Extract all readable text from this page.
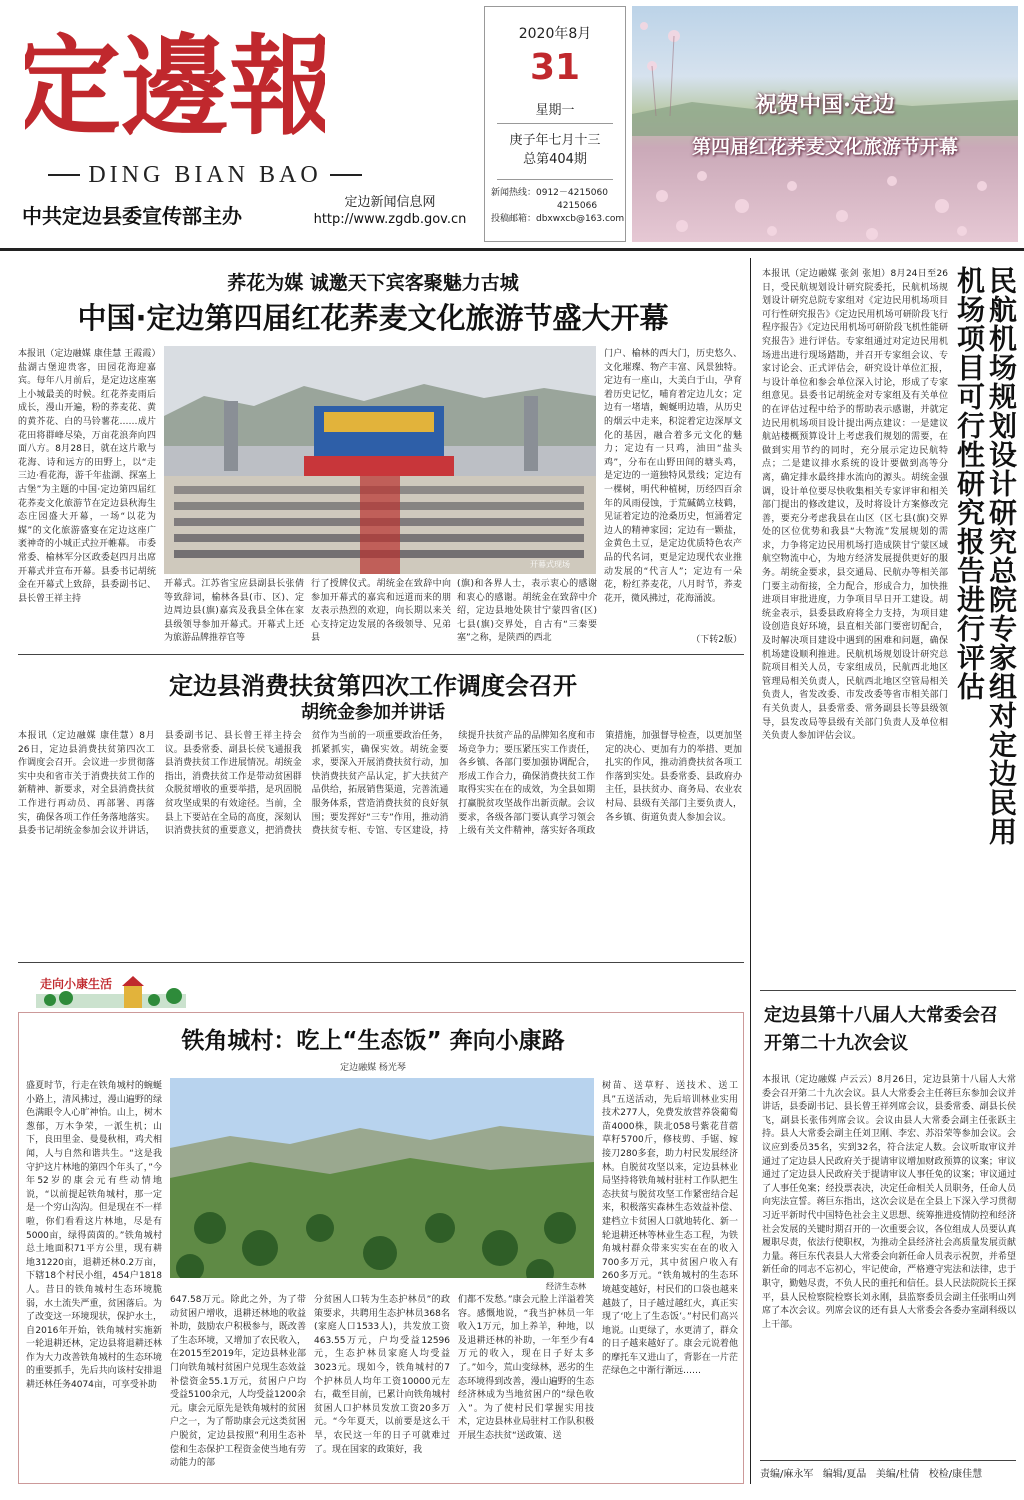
定邊報
DING BIAN BAO
中共定边县委宣传部主办
定边新闻信息网
http://www.zgdb.gov.cn
2020年8月
31
星期一
庚子年七月十三
总第404期
新闻热线：0912－4215060
4215066
投稿邮箱：dbxwxcb@163.com
祝贺中国·定边
第四届红花荞麦文化旅游节开幕
荞花为媒 诚邀天下宾客聚魅力古城
中国·定边第四届红花荞麦文化旅游节盛大开幕
本报讯（定边融媒 康佳慧 王霞霞）盐湖古堡迎贵客，田园花海迎嘉宾。每年八月前后，是定边这座塞上小城最美的时候。红花荞麦雨后成长，漫山开遍，粉的荞麦花、黄的黄芥花、白的马铃薯花……成片花田将群峰尽染，万亩花浪奔向四面八方。8月28日，就在这片歌与花海、诗和远方的田野上，以“走三边·看花海，游千年盐湖、探塞上古堡”为主题的中国·定边第四届红花荞麦文化旅游节在定边县秋海生态庄园盛大开幕，一场“以花为媒”的文化旅游盛宴在定边这座广袤神奇的小城正式拉开帷幕。 市委常委、榆林军分区政委赵四月出席开幕式并宣布开幕。县委书记胡统金在开幕式上致辞，县委副书记、县长曾王祥主持
开幕式现场
开幕式。江苏省宝应县副县长张倩等致辞词，榆林各县(市、区)、定边周边县(旗)嘉宾及我县全体在家县级领导参加开幕式。开幕式上还为旅游品牌推荐官等
行了授牌仪式。胡统金在致辞中向参加开幕式的嘉宾和远道而来的朋友表示热烈的欢迎，向长期以来关心支持定边发展的各级领导、兄弟县
(旗)和各界人士，表示衷心的感谢和衷心的感谢。胡统金在致辞中介绍，定边县地处陕甘宁蒙四省(区)七县(旗)交界处，自古有“三秦要塞”之称，是陕西的西北
门户、榆林的西大门，历史悠久、文化璀璨、物产丰富、风景独特。定边有一座山，大美白于山，孕育着历史记忆，哺育着定边儿女；定边有一堵墙，蜿蜒明边墙，从历史的烟云中走来，积淀着定边深厚文化的基因，融合着多元文化的魅力；定边有一只鸡，油田“盐头鸡”，分布在山野田间的塘头鸡，是定边的一道独特风景线；定边有一棵树，明代种植树，历经四百余年的风雨侵蚀，于荒碱鹤立枝鹤，见证着定边的沧桑历史，恒涌着定边人的精神家园；定边有一颗盐，金黄色土豆，是定边优质特色农产品的代名词，更是定边现代农业推动发展的“代言人”；定边有一朵花，粉红荞麦花，八月时节，荞麦花开，微风拂过，花海涌波。
（下转2版）
定边县消费扶贫第四次工作调度会召开
胡统金参加并讲话
本报讯（定边融媒 康佳慧）8月26日，定边县消费扶贫第四次工作调度会召开。会议进一步贯彻落实中央和省市关于消费扶贫工作的新精神、新要求，对全县消费扶贫工作进行再动员、再部署、再落实，确保各项工作任务落地落实。县委书记胡统金参加会议并讲话，县委副书记、县长曾王祥主持会议。县委常委、副县长侯飞通报我县消费扶贫工作进展情况。胡统金指出，消费扶贫工作是带动贫困群众脱贫增收的重要举措，是巩固脱贫攻坚成果的有效途径。当前，全县上下要站在全局的高度，深刻认识消费扶贫的重要意义，把消费扶贫作为当前的一项重要政治任务，抓紧抓实，确保实效。胡统金要求，要深入开展消费扶贫行动，加快消费扶贫产品认定，扩大扶贫产品供给，拓展销售渠道，完善流通服务体系，营造消费扶贫的良好氛围；要发挥好“三专”作用，推动消费扶贫专柜、专馆、专区建设，持续提升扶贫产品的品牌知名度和市场竞争力；要压紧压实工作责任，各乡镇、各部门要加强协调配合，形成工作合力，确保消费扶贫工作取得实实在在的成效，为全县如期打赢脱贫攻坚战作出新贡献。会议要求，各级各部门要认真学习领会上级有关文件精神，落实好各项政策措施，加强督导检查，以更加坚定的决心、更加有力的举措、更加扎实的作风，推动消费扶贫各项工作落到实处。县委常委、县政府办主任，县扶贫办、商务局、农业农村局、县级有关部门主要负责人，各乡镇、街道负责人参加会议。
走向小康生活
铁角城村：吃上“生态饭” 奔向小康路
定边融媒 杨光琴
盛夏时节，行走在铁角城村的蜿蜒小路上，清风拂过，漫山遍野的绿色满眼令人心旷神怡。山上，树木葱郁，万木争荣，一派生机；山下，良田里金、曼曼秋相，鸡犬相闻，人与自然和谐共生。“这是我守护这片林地的第四个年头了，”今年52岁的康会元有些动情地说，“以前提起铁角城村，那一定是一个穷山沟沟。但是现在不一样啦，你们看看这片林地，尽是有5000亩，绿得茵茵的。”铁角城村总土地面积71平方公里，现有耕地31220亩，退耕还林0.2万亩，下辖18个村民小组，454户1818人。昔日的铁角城村生态环境脆弱，水土流失严重，贫困落后。为了改变这一环境现状，保护水土，自2016年开始，铁角城村实施新一轮退耕还林，定边县将退耕还林作为大力改善铁角城村的生态环境的重要抓手，先后共向该村安排退耕还林任务4074亩，可享受补助
经济生态林
647.58万元。除此之外，为了带动贫困户增收，退耕还林地的收益补助，鼓励农户积极参与，既改善了生态环境，又增加了农民收入，在2015至2019年，定边县林业部门向铁角城村贫困户兑现生态效益补偿资金55.1万元，贫困户户均受益5100余元，人均受益1200余元。康会元原先是铁角城村的贫困户之一，为了帮助康会元这类贫困户脱贫，定边县按照“利用生态补偿和生态保护工程资金使当地有劳动能力的部
分贫困人口转为生态护林员”的政策要求，共聘用生态护林员368名(家庭人口1533人)，共发放工资463.55万元，户均受益12596元，生态护林员家庭人均受益3023元。现如今，铁角城村的7个护林员人均年工资10000元左右，截至目前，已累计向铁角城村贫困人口护林员发放工资20多万元。“今年夏天，以前要是这么干旱，农民这一年的日子可就难过了。现在国家的政策好，我
们都不发愁。”康会元脸上洋溢着笑容。感慨地说，“我当护林员一年收入1万元，加上养羊，种地，以及退耕还林的补助，一年至少有4万元的收入，现在日子好太多了。”如今，荒山变绿林，恶劣的生态环境得到改善，漫山遍野的生态经济林成为当地贫困户的“绿色收入”。为了使村民们掌握实用技术，定边县林业局驻村工作队积极开展生态扶贫“送政策、送
树苗、送草籽、送技术、送工具”五送活动，先后培训林业实用技术277人，免费发放营养袋葡萄苗4000株，陕北058号紫花苜蓿草籽5700斤，修枝剪、手锯、嫁接刀280多套，助力村民发展经济林。自脱贫攻坚以来，定边县林业局坚持将铁角城村驻村工作队把生态扶贫与脱贫攻坚工作紧密结合起来，积极落实森林生态效益补偿、建档立卡贫困人口就地转化、新一轮退耕还林等林业生态工程，为铁角城村群众带来实实在在的收入700多万元，其中贫困户收入有260多万元。“铁角城村的生态环境越变越好，村民们的口袋也越来越鼓了，日子越过越红火，真正实现了‘吃上了生态饭’。”村民们高兴地说。山更绿了，水更清了，群众的日子越来越好了。康会元说着他的摩托车又进山了，背影在一片茫茫绿色之中渐行渐远……
民航机场规划设计研究总院专家组对定边民用机场项目可行性研究报告进行评估
本报讯（定边融媒 张剑 张旭）8月24日至26日，受民航规划设计研究院委托，民航机场规划设计研究总院专家组对《定边民用机场项目可行性研究报告》《定边民用机场可研阶段飞行程序报告》《定边民用机场可研阶段飞机性能研究报告》进行评估。专家组通过对定边民用机场进出进行现场踏勘，并召开专家组会议、专家讨论会、正式评估会，研究设计单位汇报，与设计单位和参会单位深入讨论，形成了专家组意见。县委书记胡统金对专家组及有关单位的在评估过程中给予的帮助表示感谢，并就定边民用机场项目设计提出两点建议：一是建议航站楼概预算设计上考虑我们规划的需要，在做到实用节约的同时，充分展示定边民航特点；二是建议排水系统的设计要做到高等分离，确定排水最终排水流向的源头。胡统金强调，设计单位要尽快收集相关专家评审和相关部门提出的修改建议，及时将设计方案修改完善，要充分考虑我县在山区（区七县(旗)交界处的区位优势和我县“大物流”发展规划的需求，力争将定边民用机场打造成陕甘宁蒙区域航空物流中心，为地方经济发展提供更好的服务。胡统金要求，县交通局、民航办等相关部门要主动衔接，全力配合，形成合力，加快推进项目审批进度，力争项目早日开工建设。胡统金表示，县委县政府将全力支持，为项目建设创造良好环境，县直相关部门要密切配合，及时解决项目建设中遇到的困难和问题，确保机场建设顺利推进。民航机场规划设计研究总院项目相关人员，专家组成员，民航西北地区管理局相关负责人，民航西北地区空管局相关负责人，省发改委、市发改委等省市相关部门有关负责人，县委常委、常务副县长等县级领导，县发改局等县级有关部门负责人及单位相关负责人参加评估会议。
定边县第十八届人大常委会召开第二十九次会议
本报讯（定边融媒 卢云云）8月26日，定边县第十八届人大常委会召开第二十九次会议。县人大常委会主任蒋巨东参加会议并讲话，县委副书记、县长曾王祥列席会议，县委常委、副县长侯飞，副县长张伟列席会议。会议由县人大常委会副主任张跃主持。县人大常委会副主任刘卫刚、李宏、苏沿荣等参加会议。会议应到委员35名，实到32名，符合法定人数。会议听取审议并通过了定边县人民政府关于提请审议增加财政预算的议案；审议通过了定边县人民政府关于提请审议人事任免的议案；审议通过了人事任免案；经投票表决，决定任命相关人员职务，任命人员向宪法宣誓。蒋巨东指出，这次会议是在全县上下深入学习贯彻习近平新时代中国特色社会主义思想、统筹推进疫情防控和经济社会发展的关键时期召开的一次重要会议，各位组成人员要认真履职尽责，依法行使职权，为推动全县经济社会高质量发展贡献力量。蒋巨东代表县人大常委会向新任命人员表示祝贺，并希望新任命的同志不忘初心，牢记使命，严格遵守宪法和法律，忠于职守，勤勉尽责，不负人民的重托和信任。县人民法院院长王探平，县人民检察院检察长刘永刚，县监察委员会副主任张明山列席了本次会议。列席会议的还有县人大常委会各委办室副科级以上干部。
责编/麻永军 编辑/夏晶 美编/杜倩 校检/康佳慧
